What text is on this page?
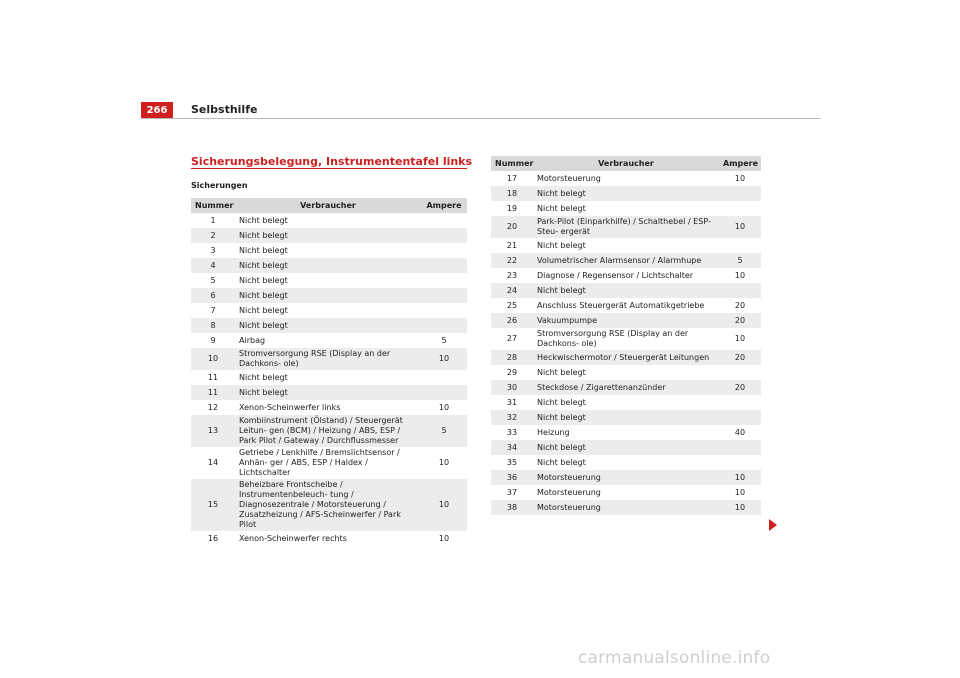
266	Selbsthilfe
Sicherungsbelegung, Instrumententafel links
Sicherungen
Nummer	Verbraucher	Ampere
1	Nicht belegt	
2	Nicht belegt	
3	Nicht belegt	
4	Nicht belegt	
5	Nicht belegt	
6	Nicht belegt	
7	Nicht belegt	
8	Nicht belegt	
9	Airbag	5
10	Stromversorgung RSE (Display an der Dachkons- ole)	10
11	Nicht belegt	
11	Nicht belegt	
12	Xenon-Scheinwerfer links	10
13	Kombiinstrument (Ölstand) / Steuergerät Leitun- gen (BCM) / Heizung / ABS, ESP / Park Pilot / Gateway / Durchflussmesser	5
14	Getriebe / Lenkhilfe / Bremslichtsensor / Anhän- ger / ABS, ESP / Haldex / Lichtschalter	10
15	Beheizbare Frontscheibe / Instrumentenbeleuch- tung / Diagnosezentrale / Motorsteuerung / Zusatzheizung / AFS-Scheinwerfer / Park Pilot	10
16	Xenon-Scheinwerfer rechts	10
Nummer	Verbraucher	Ampere
17	Motorsteuerung	10
18	Nicht belegt	
19	Nicht belegt	
20	Park-Pilot (Einparkhilfe) / Schalthebel / ESP-Steu- ergerät	10
21	Nicht belegt	
22	Volumetrischer Alarmsensor / Alarmhupe	5
23	Diagnose / Regensensor / Lichtschalter	10
24	Nicht belegt	
25	Anschluss Steuergerät Automatikgetriebe	20
26	Vakuumpumpe	20
27	Stromversorgung RSE (Display an der Dachkons- ole)	10
28	Heckwischermotor / Steuergerät Leitungen	20
29	Nicht belegt	
30	Steckdose / Zigarettenanzünder	20
31	Nicht belegt	
32	Nicht belegt	
33	Heizung	40
34	Nicht belegt	
35	Nicht belegt	
36	Motorsteuerung	10
37	Motorsteuerung	10
38	Motorsteuerung	10
carmanualsonline.info
